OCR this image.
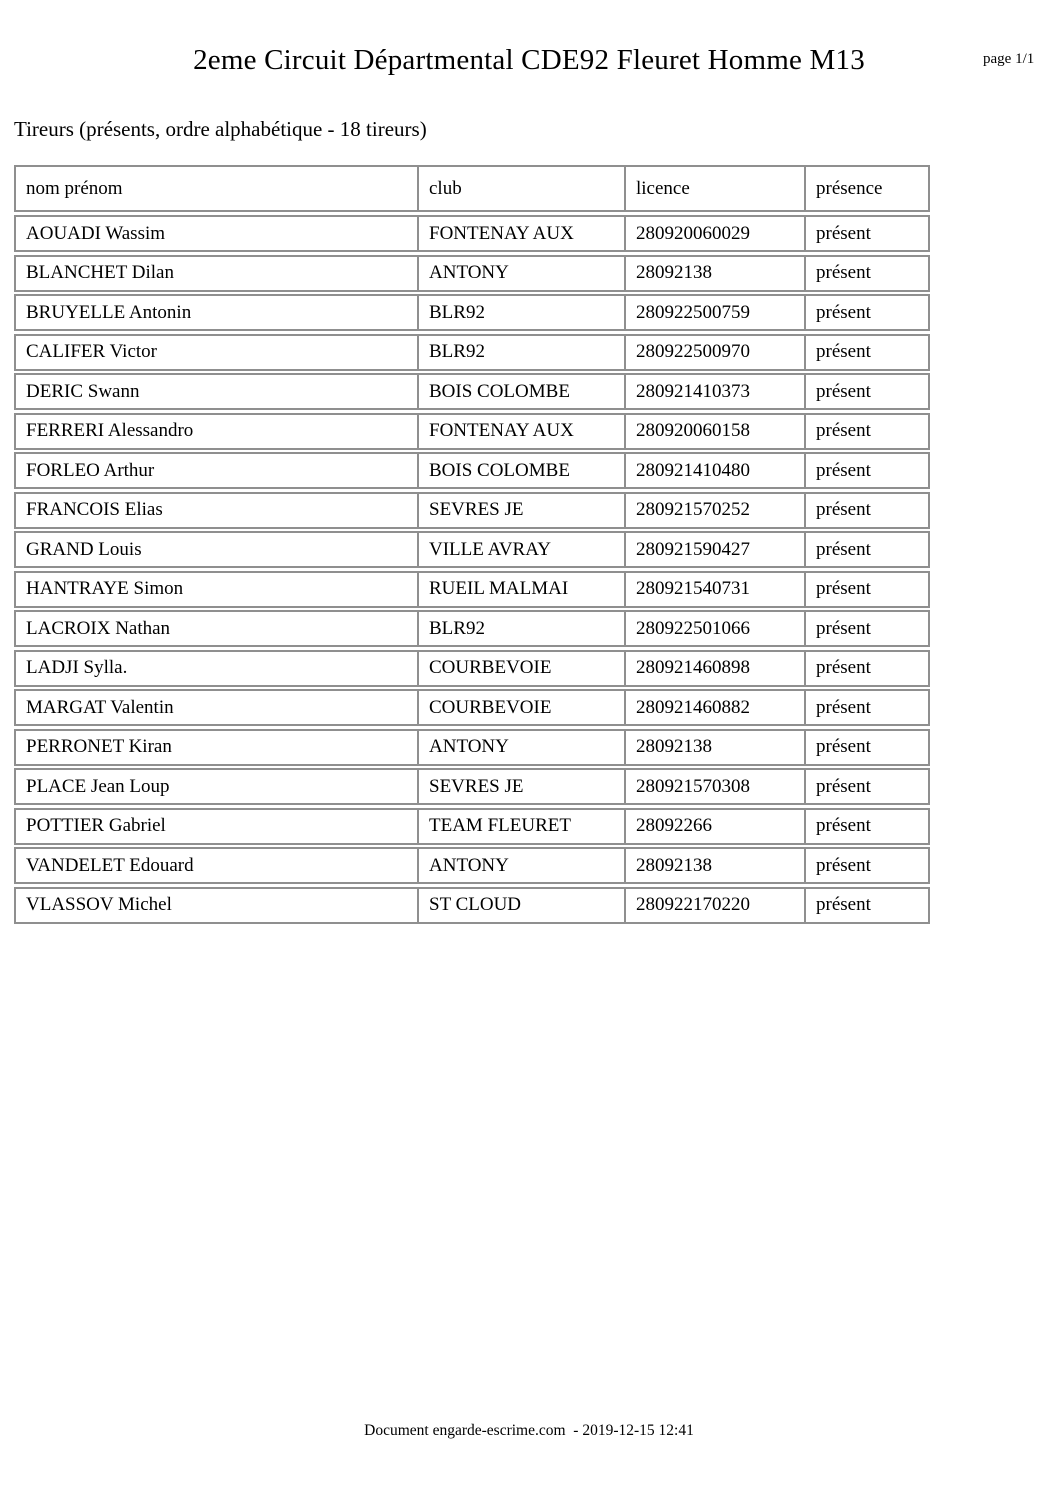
2eme Circuit Départmental CDE92 Fleuret Homme M13	page 1/1
Tireurs (présents, ordre alphabétique - 18 tireurs)
nom prénom	club	licence	présence
AOUADI Wassim	FONTENAY AUX	280920060029	présent
BLANCHET Dilan	ANTONY	28092138	présent
BRUYELLE Antonin	BLR92	280922500759	présent
CALIFER Victor	BLR92	280922500970	présent
DERIC Swann	BOIS COLOMBE	280921410373	présent
FERRERI Alessandro	FONTENAY AUX	280920060158	présent
FORLEO Arthur	BOIS COLOMBE	280921410480	présent
FRANCOIS Elias	SEVRES JE	280921570252	présent
GRAND Louis	VILLE AVRAY	280921590427	présent
HANTRAYE Simon	RUEIL MALMAI	280921540731	présent
LACROIX Nathan	BLR92	280922501066	présent
LADJI Sylla.	COURBEVOIE	280921460898	présent
MARGAT Valentin	COURBEVOIE	280921460882	présent
PERRONET Kiran	ANTONY	28092138	présent
PLACE Jean Loup	SEVRES JE	280921570308	présent
POTTIER Gabriel	TEAM FLEURET	28092266	présent
VANDELET Edouard	ANTONY	28092138	présent
VLASSOV Michel	ST CLOUD	280922170220	présent
Document engarde-escrime.com  - 2019-12-15 12:41
